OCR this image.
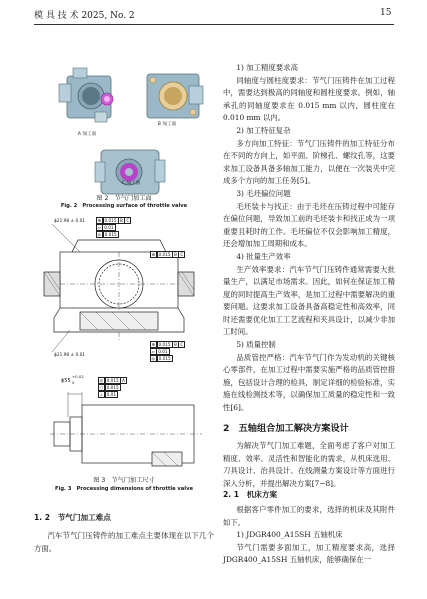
模 具 技 术 2025, No. 2	15
A 加工面
B 加工面
C 加工面
图 2　节气门加工面
Fig. 2　Processing surface of throttle valve
ϕ21.98 ± 0.01	⊕ 0.015 B C
▱ 0.01
◎ 0.015
⊕ 0.015 B C
ϕ21.98 ± 0.01
⊕ 0.015 B C
▱ 0.01
◎ 0.015
ϕ55
+0.02
0	◎ 0.015 A
○ 0.015
⊥ 0.01
图 3　节气门加工尺寸
Fig. 3　Processing dimensions of throttle valve
1. 2　节气门加工难点

汽车节气门压铸件的加工难点主要体现在以下几个方面。

1) 加工精度要求高

同轴度与圆柱度要求：节气门压铸件在加工过程中，需要达到极高的同轴度和圆柱度要求。例如，轴承孔的同轴度要求在 0.015 mm 以内，圆柱度在 0.010 mm 以内。

2) 加工特征复杂

多方向加工特征：节气门压铸件的加工特征分布在不同的方向上，如平面、阶梯孔、螺纹孔等，这要求加工设备具备多轴加工能力，以便在一次装夹中完成多个方向的加工任务[5]。

3) 毛坯偏位问题

毛坯装卡与找正：由于毛坯在压铸过程中可能存在偏位问题，导致加工前的毛坯装卡和找正成为一项重要且耗时的工作。毛坯偏位不仅会影响加工精度，还会增加加工周期和成本。

4) 批量生产效率

生产效率要求：汽车节气门压铸件通常需要大批量生产，以满足市场需求。因此，如何在保证加工精度的同时提高生产效率，是加工过程中需要解决的重要问题。这要求加工设备具备高稳定性和高效率，同时还需要优化加工工艺流程和夹具设计，以减少非加工时间。

5) 质量控制

品质管控严格：汽车节气门作为发动机的关键核心零部件，在加工过程中需要实施严格的品质管控措施，包括设计合理的检具，制定详细的检验标准，实施在线检测技术等，以确保加工质量的稳定性和一致性[6]。

2　五轴组合加工解决方案设计

为解决节气门加工难题，全面考虑了客户对加工精度、效率、灵活性和智能化的需求，从机床选用、刀具设计、治具设计、在线测量方案设计等方面进行深入分析，并提出解决方案[7−8]。

2. 1　机床方案

根据客户零件加工的要求，选择的机床及其附件如下。

1) JDGR400_A15SH 五轴机床

节气门需要多面加工，加工精度要求高，选择 JDGR400_A15SH 五轴机床，能够确保在一
